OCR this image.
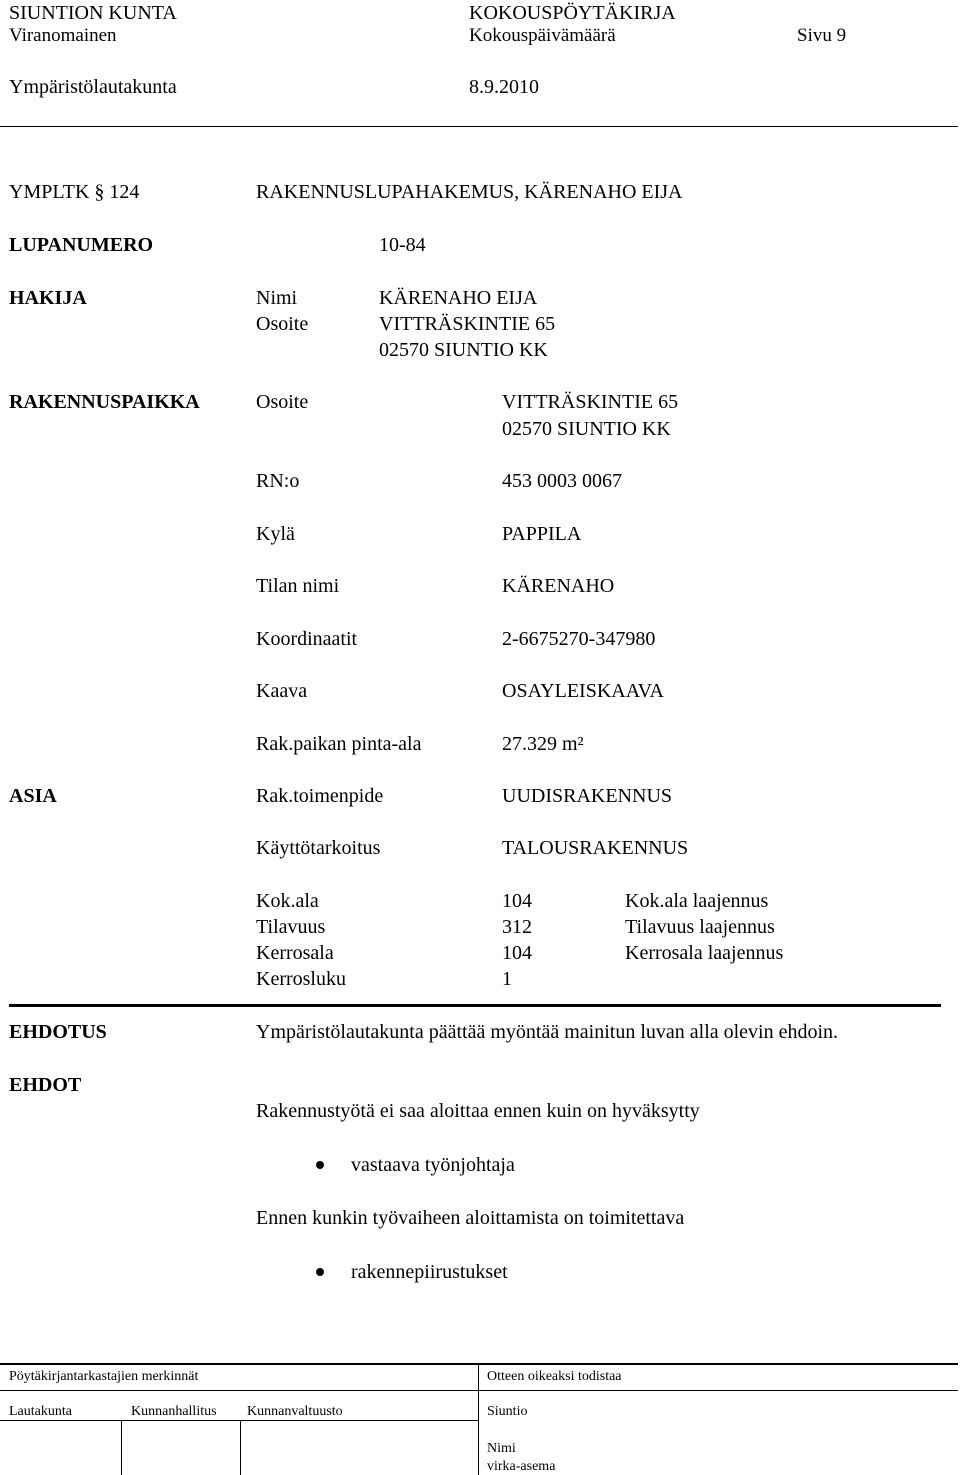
SIUNTION KUNTA	KOKOUSPÖYTÄKIRJA
Viranomainen	Kokouspäivämäärä	Sivu 9
Ympäristölautakunta	8.9.2010
YMPLTK § 124	RAKENNUSLUPAHAKEMUS, KÄRENAHO EIJA
LUPANUMERO	10-84
HAKIJA	Nimi	KÄRENAHO EIJA
Osoite	VITTRÄSKINTIE 65
02570 SIUNTIO KK
RAKENNUSPAIKKA	Osoite	VITTRÄSKINTIE 65
02570 SIUNTIO KK
RN:o	453 0003 0067
Kylä	PAPPILA
Tilan nimi	KÄRENAHO
Koordinaatit	2-6675270-347980
Kaava	OSAYLEISKAAVA
Rak.paikan pinta-ala	27.329 m²
ASIA	Rak.toimenpide	UUDISRAKENNUS
Käyttötarkoitus	TALOUSRAKENNUS
Kok.ala	104	Kok.ala laajennus
Tilavuus	312	Tilavuus laajennus
Kerrosala	104	Kerrosala laajennus
Kerrosluku	1
EHDOTUS	Ympäristölautakunta päättää myöntää mainitun luvan alla olevin ehdoin.
EHDOT
Rakennustyötä ei saa aloittaa ennen kuin on hyväksytty
vastaava työnjohtaja
Ennen kunkin työvaiheen aloittamista on toimitettava
rakennepiirustukset
Pöytäkirjantarkastajien merkinnät	Otteen oikeaksi todistaa
Lautakunta	Kunnanhallitus Kunnanvaltuusto	Siuntio
Nimi
virka-asema
